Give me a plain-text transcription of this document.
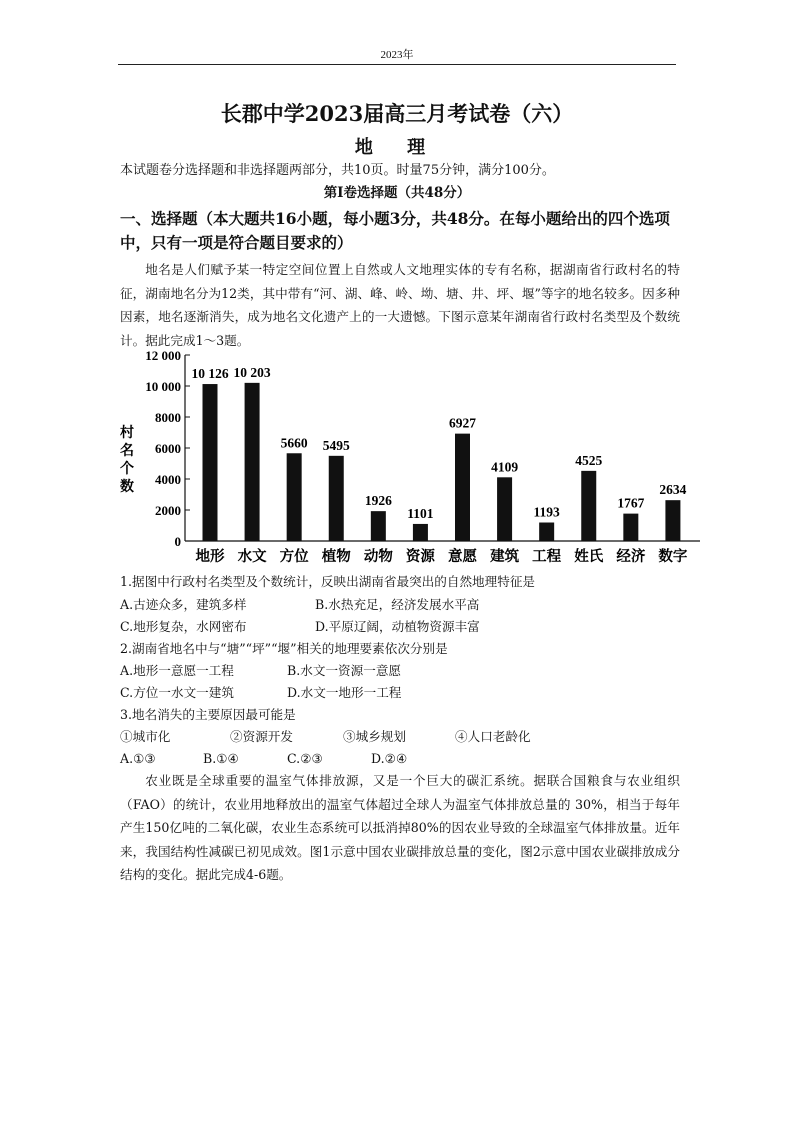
2023年
长郡中学2023届高三月考试卷（六）
地 理
本试题卷分选择题和非选择题两部分，共10页。时量75分钟，满分100分。
第Ⅰ卷选择题（共48分）
一、选择题（本大题共16小题，每小题3分，共48分。在每小题给出的四个选项中，只有一项是符合题目要求的）
地名是人们赋予某一特定空间位置上自然或人文地理实体的专有名称，据湖南省行政村名的特征，湖南地名分为12类，其中带有“河、湖、峰、岭、坳、塘、井、坪、堰”等字的地名较多。因多种因素，地名逐渐消失，成为地名文化遗产上的一大遗憾。下图示意某年湖南省行政村名类型及个数统计。据此完成1～3题。
0
2000
4000
6000
8000
10 000
12 000
村
名
个
数
10 126
地形
10 203
水文
5660
方位
5495
植物
1926
动物
1101
资源
6927
意愿
4109
建筑
1193
工程
4525
姓氏
1767
经济
2634
数字
1.据图中行政村名类型及个数统计，反映出湖南省最突出的自然地理特征是
A.古迹众多，建筑多样	B.水热充足，经济发展水平高
C.地形复杂，水网密布	D.平原辽阔，动植物资源丰富
2.湖南省地名中与“塘”“坪”“堰”相关的地理要素依次分别是
A.地形一意愿一工程	B.水文一资源一意愿
C.方位一水文一建筑	D.水文一地形一工程
3.地名消失的主要原因最可能是
①城市化	②资源开发	③城乡规划	④人口老龄化
A.①③	B.①④	C.②③	D.②④
农业既是全球重要的温室气体排放源，又是一个巨大的碳汇系统。据联合国粮食与农业组织（FAO）的统计，农业用地释放出的温室气体超过全球人为温室气体排放总量的 30%，相当于每年产生150亿吨的二氧化碳，农业生态系统可以抵消掉80%的因农业导致的全球温室气体排放量。近年来，我国结构性减碳已初见成效。图1示意中国农业碳排放总量的变化，图2示意中国农业碳排放成分结构的变化。据此完成4-6题。
